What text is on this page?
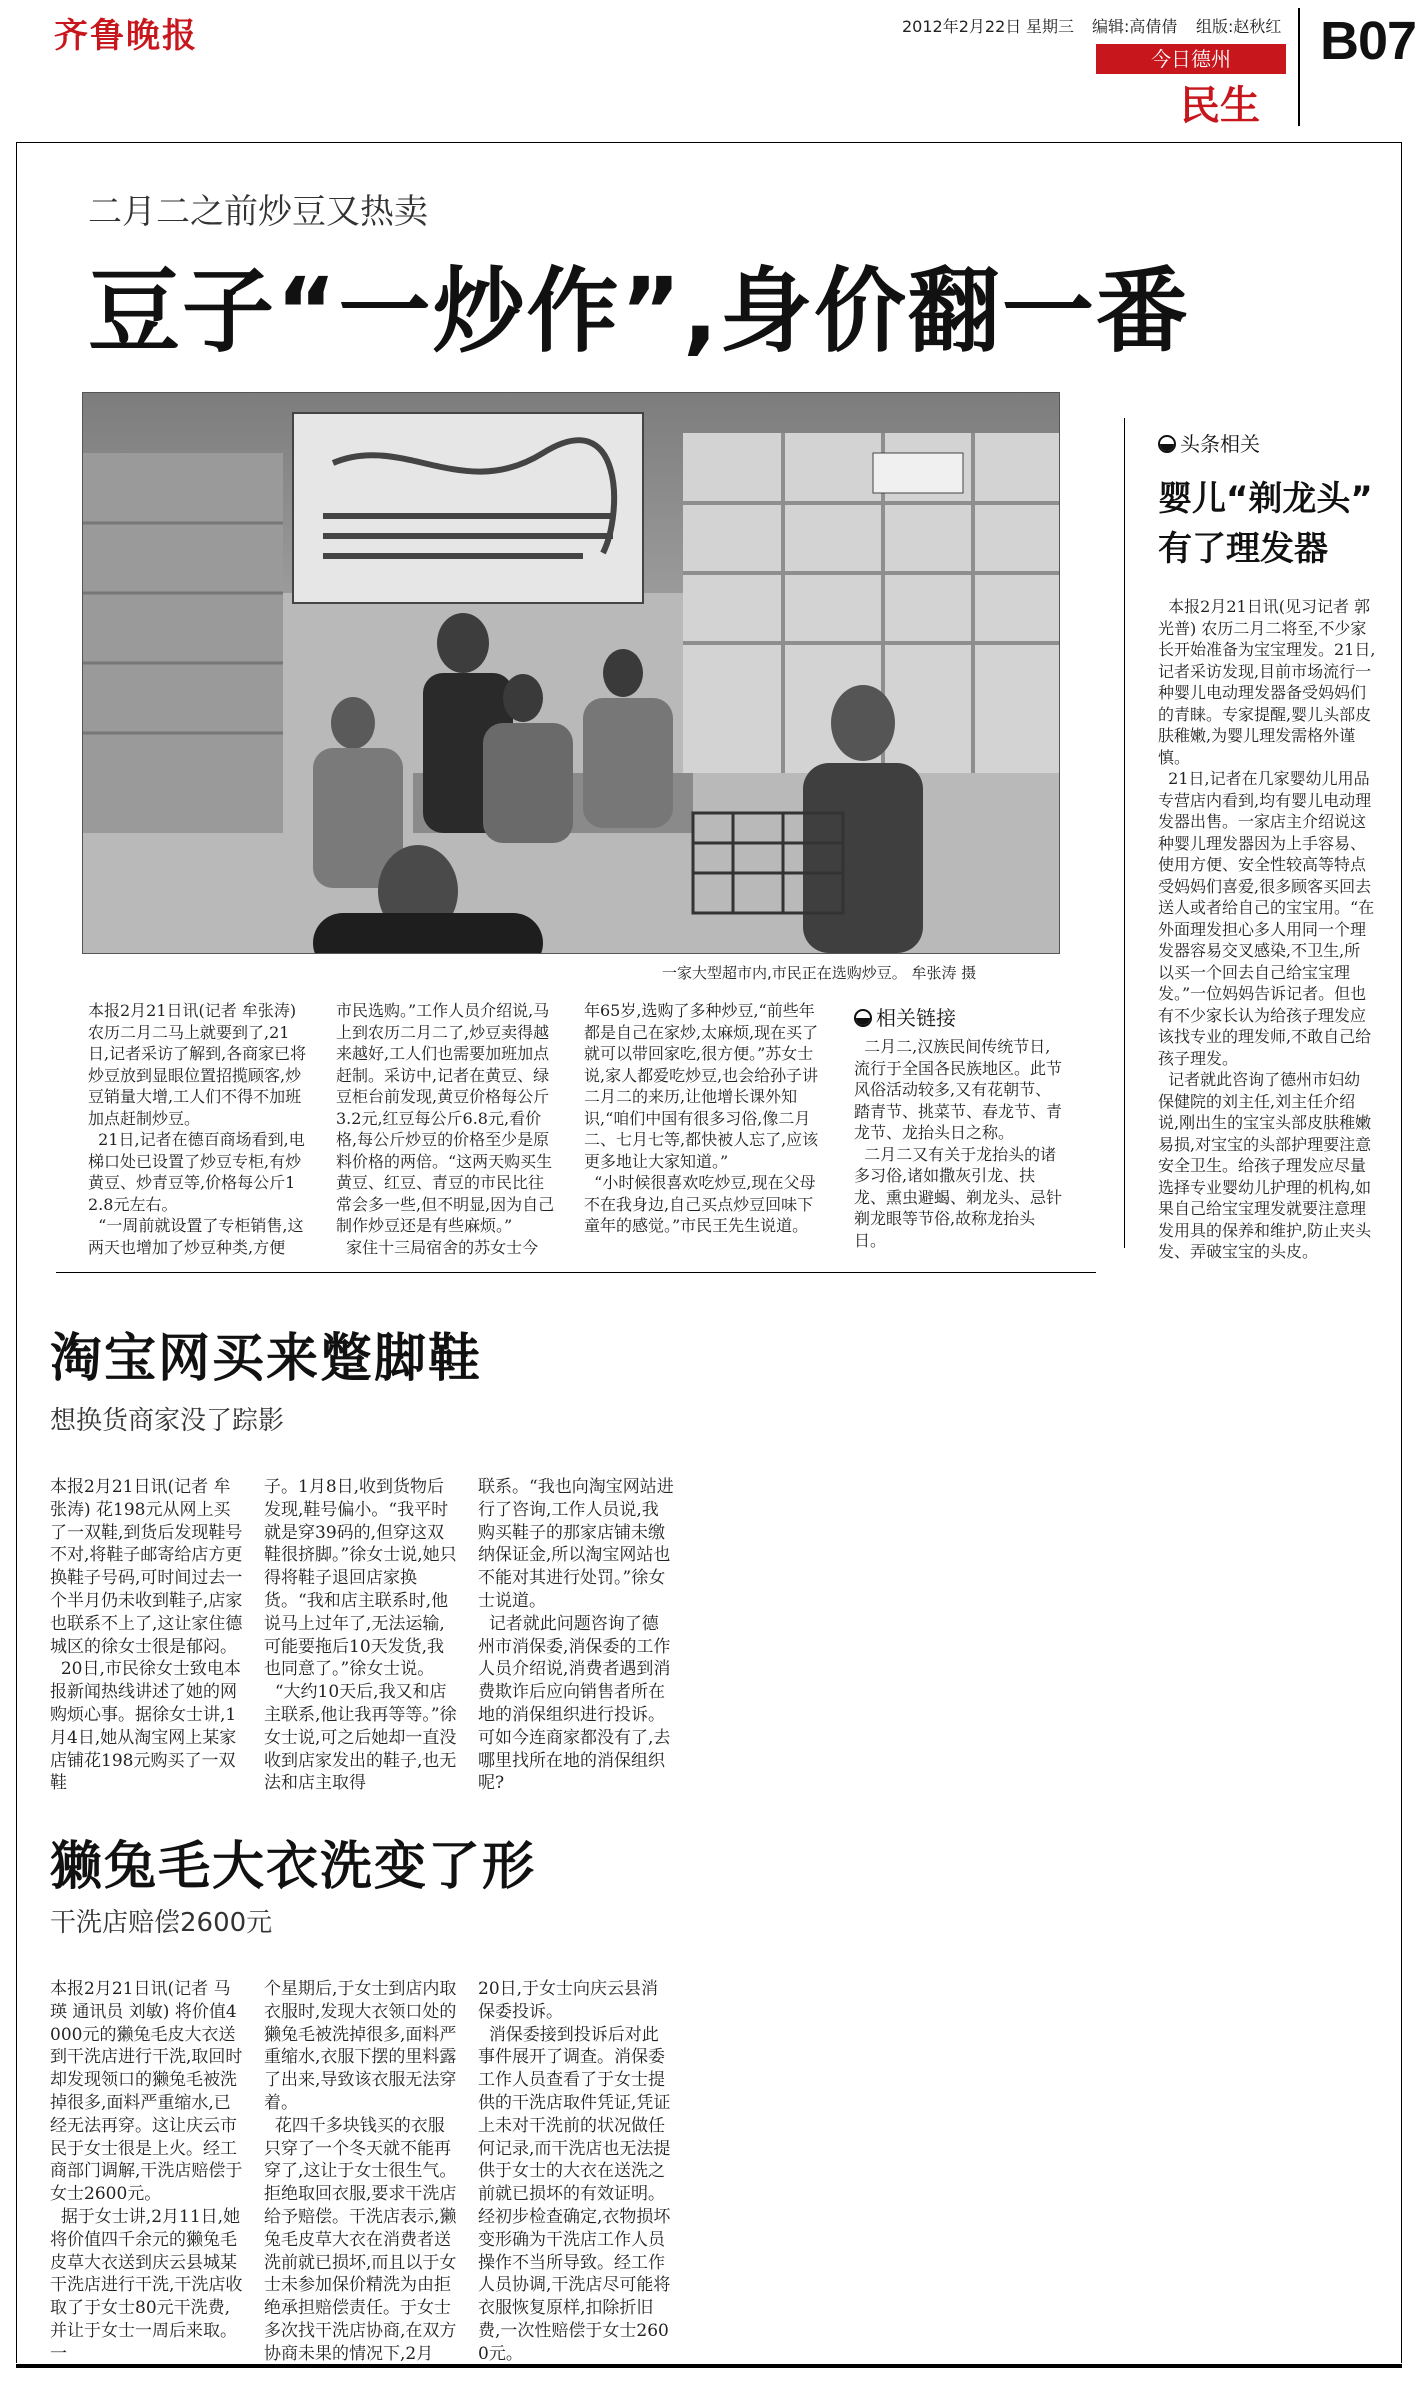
齐鲁晚报	2012年2月22日 星期三 编辑:高倩倩 组版:赵秋红 B07
今日德州
民生
二月二之前炒豆又热卖
豆子“一炒作”,身价翻一番
一家大型超市内,市民正在选购炒豆。 牟张涛 摄
本报2月21日讯(记者 牟张涛) 农历二月二马上就要到了,21日,记者采访了解到,各商家已将炒豆放到显眼位置招揽顾客,炒豆销量大增,工人们不得不加班加点赶制炒豆。
21日,记者在德百商场看到,电梯口处已设置了炒豆专柜,有炒黄豆、炒青豆等,价格每公斤12.8元左右。
“一周前就设置了专柜销售,这两天也增加了炒豆种类,方便
市民选购。”工作人员介绍说,马上到农历二月二了,炒豆卖得越来越好,工人们也需要加班加点赶制。采访中,记者在黄豆、绿豆柜台前发现,黄豆价格每公斤3.2元,红豆每公斤6.8元,看价格,每公斤炒豆的价格至少是原料价格的两倍。“这两天购买生黄豆、红豆、青豆的市民比往常会多一些,但不明显,因为自己制作炒豆还是有些麻烦。”
家住十三局宿舍的苏女士今
年65岁,选购了多种炒豆,“前些年都是自己在家炒,太麻烦,现在买了就可以带回家吃,很方便。”苏女士说,家人都爱吃炒豆,也会给孙子讲二月二的来历,让他增长课外知识,“咱们中国有很多习俗,像二月二、七月七等,都快被人忘了,应该更多地让大家知道。”
“小时候很喜欢吃炒豆,现在父母不在我身边,自己买点炒豆回味下童年的感觉。”市民王先生说道。
相关链接
二月二,汉族民间传统节日,流行于全国各民族地区。此节风俗活动较多,又有花朝节、踏青节、挑菜节、春龙节、青龙节、龙抬头日之称。
二月二又有关于龙抬头的诸多习俗,诸如撒灰引龙、扶龙、熏虫避蝎、剃龙头、忌针剃龙眼等节俗,故称龙抬头日。
头条相关
婴儿“剃龙头”
有了理发器
本报2月21日讯(见习记者 郭光普) 农历二月二将至,不少家长开始准备为宝宝理发。21日,记者采访发现,目前市场流行一种婴儿电动理发器备受妈妈们的青睐。专家提醒,婴儿头部皮肤稚嫩,为婴儿理发需格外谨慎。
21日,记者在几家婴幼儿用品专营店内看到,均有婴儿电动理发器出售。一家店主介绍说这种婴儿理发器因为上手容易、使用方便、安全性较高等特点受妈妈们喜爱,很多顾客买回去送人或者给自己的宝宝用。“在外面理发担心多人用同一个理发器容易交叉感染,不卫生,所以买一个回去自己给宝宝理发。”一位妈妈告诉记者。但也有不少家长认为给孩子理发应该找专业的理发师,不敢自己给孩子理发。
记者就此咨询了德州市妇幼保健院的刘主任,刘主任介绍说,刚出生的宝宝头部皮肤稚嫩易损,对宝宝的头部护理要注意安全卫生。给孩子理发应尽量选择专业婴幼儿护理的机构,如果自己给宝宝理发就要注意理发用具的保养和维护,防止夹头发、弄破宝宝的头皮。
淘宝网买来蹩脚鞋
想换货商家没了踪影
本报2月21日讯(记者 牟张涛) 花198元从网上买了一双鞋,到货后发现鞋号不对,将鞋子邮寄给店方更换鞋子号码,可时间过去一个半月仍未收到鞋子,店家也联系不上了,这让家住德城区的徐女士很是郁闷。
20日,市民徐女士致电本报新闻热线讲述了她的网购烦心事。据徐女士讲,1月4日,她从淘宝网上某家店铺花198元购买了一双鞋
子。1月8日,收到货物后发现,鞋号偏小。“我平时就是穿39码的,但穿这双鞋很挤脚。”徐女士说,她只得将鞋子退回店家换货。“我和店主联系时,他说马上过年了,无法运输,可能要拖后10天发货,我也同意了。”徐女士说。
“大约10天后,我又和店主联系,他让我再等等。”徐女士说,可之后她却一直没收到店家发出的鞋子,也无法和店主取得
联系。“我也向淘宝网站进行了咨询,工作人员说,我购买鞋子的那家店铺未缴纳保证金,所以淘宝网站也不能对其进行处罚。”徐女士说道。
记者就此问题咨询了德州市消保委,消保委的工作人员介绍说,消费者遇到消费欺诈后应向销售者所在地的消保组织进行投诉。可如今连商家都没有了,去哪里找所在地的消保组织呢?
獭兔毛大衣洗变了形
干洗店赔偿2600元
本报2月21日讯(记者 马瑛 通讯员 刘敏) 将价值4000元的獭兔毛皮大衣送到干洗店进行干洗,取回时却发现领口的獭兔毛被洗掉很多,面料严重缩水,已经无法再穿。这让庆云市民于女士很是上火。经工商部门调解,干洗店赔偿于女士2600元。
据于女士讲,2月11日,她将价值四千余元的獭兔毛皮草大衣送到庆云县城某干洗店进行干洗,干洗店收取了于女士80元干洗费,并让于女士一周后来取。一
个星期后,于女士到店内取衣服时,发现大衣领口处的獭兔毛被洗掉很多,面料严重缩水,衣服下摆的里料露了出来,导致该衣服无法穿着。
花四千多块钱买的衣服只穿了一个冬天就不能再穿了,这让于女士很生气。拒绝取回衣服,要求干洗店给予赔偿。干洗店表示,獭兔毛皮草大衣在消费者送洗前就已损坏,而且以于女士未参加保价精洗为由拒绝承担赔偿责任。于女士多次找干洗店协商,在双方协商未果的情况下,2月
20日,于女士向庆云县消保委投诉。
消保委接到投诉后对此事件展开了调查。消保委工作人员查看了于女士提供的干洗店取件凭证,凭证上未对干洗前的状况做任何记录,而干洗店也无法提供于女士的大衣在送洗之前就已损坏的有效证明。经初步检查确定,衣物损坏变形确为干洗店工作人员操作不当所导致。经工作人员协调,干洗店尽可能将衣服恢复原样,扣除折旧费,一次性赔偿于女士2600元。
